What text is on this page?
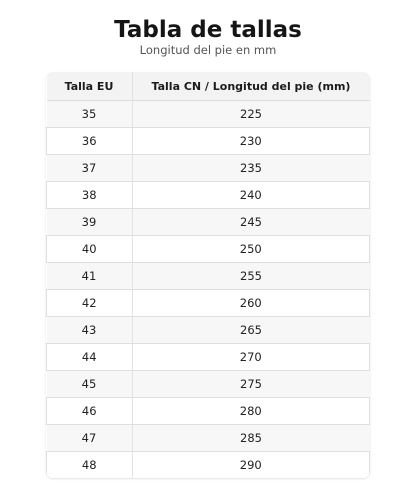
Tabla de tallas

Longitud del pie en mm

Talla EU	Talla CN / Longitud del pie (mm)
35	225
36	230
37	235
38	240
39	245
40	250
41	255
42	260
43	265
44	270
45	275
46	280
47	285
48	290
